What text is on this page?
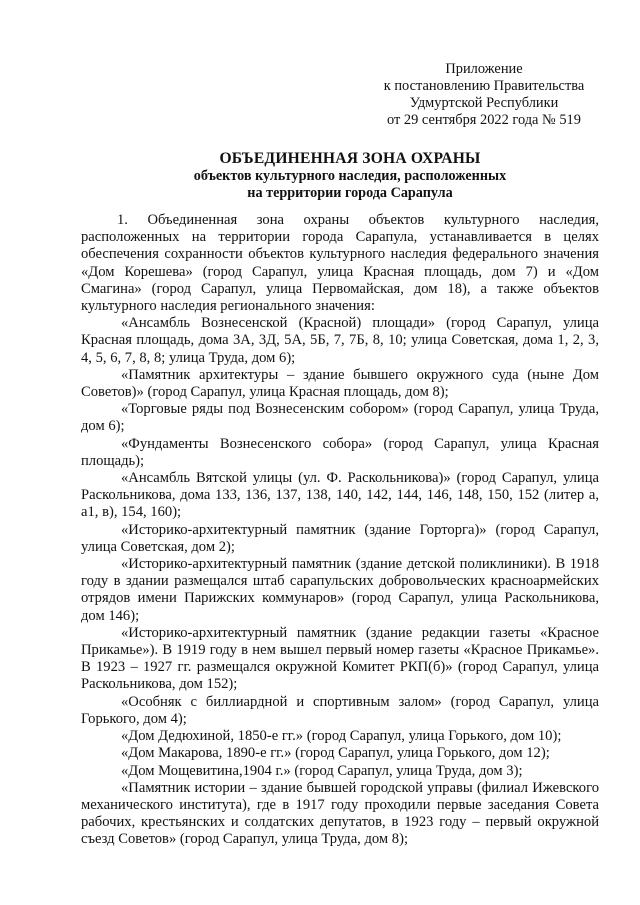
Приложение
к постановлению Правительства
Удмуртской Республики
от 29 сентября 2022 года № 519
ОБЪЕДИНЕННАЯ ЗОНА ОХРАНЫ
объектов культурного наследия, расположенных
на территории города Сарапула

1. Объединенная зона охраны объектов культурного наследия, расположенных на территории города Сарапула, устанавливается в целях обеспечения сохранности объектов культурного наследия федерального значения «Дом Корешева» (город Сарапул, улица Красная площадь, дом 7) и «Дом Смагина» (город Сарапул, улица Первомайская, дом 18), а также объектов культурного наследия регионального значения:

«Ансамбль Вознесенской (Красной) площади» (город Сарапул, улица Красная площадь, дома 3А, 3Д, 5А, 5Б, 7, 7Б, 8, 10; улица Советская, дома 1, 2, 3, 4, 5, 6, 7, 8, 8; улица Труда, дом 6);

«Памятник архитектуры – здание бывшего окружного суда (ныне Дом Советов)» (город Сарапул, улица Красная площадь, дом 8);

«Торговые ряды под Вознесенским собором» (город Сарапул, улица Труда, дом 6);

«Фундаменты Вознесенского собора» (город Сарапул, улица Красная площадь);

«Ансамбль Вятской улицы (ул. Ф. Раскольникова)» (город Сарапул, улица Раскольникова, дома 133, 136, 137, 138, 140, 142, 144, 146, 148, 150, 152 (литер а, а1, в), 154, 160);

«Историко-архитектурный памятник (здание Горторга)» (город Сарапул, улица Советская, дом 2);

«Историко-архитектурный памятник (здание детской поликлиники). В 1918 году в здании размещался штаб сарапульских добровольческих красноармейских отрядов имени Парижских коммунаров» (город Сарапул, улица Раскольникова, дом 146);

«Историко-архитектурный памятник (здание редакции газеты «Красное Прикамье»). В 1919 году в нем вышел первый номер газеты «Красное Прикамье». В 1923 – 1927 гг. размещался окружной Комитет РКП(б)» (город Сарапул, улица Раскольникова, дом 152);

«Особняк с биллиардной и спортивным залом» (город Сарапул, улица Горького, дом 4);

«Дом Дедюхиной, 1850-е гг.» (город Сарапул, улица Горького, дом 10);

«Дом Макарова, 1890-е гг.» (город Сарапул, улица Горького, дом 12);

«Дом Мощевитина,1904 г.» (город Сарапул, улица Труда, дом 3);

«Памятник истории – здание бывшей городской управы (филиал Ижевского механического института), где в 1917 году проходили первые заседания Совета рабочих, крестьянских и солдатских депутатов, в 1923 году – первый окружной съезд Советов» (город Сарапул, улица Труда, дом 8);
